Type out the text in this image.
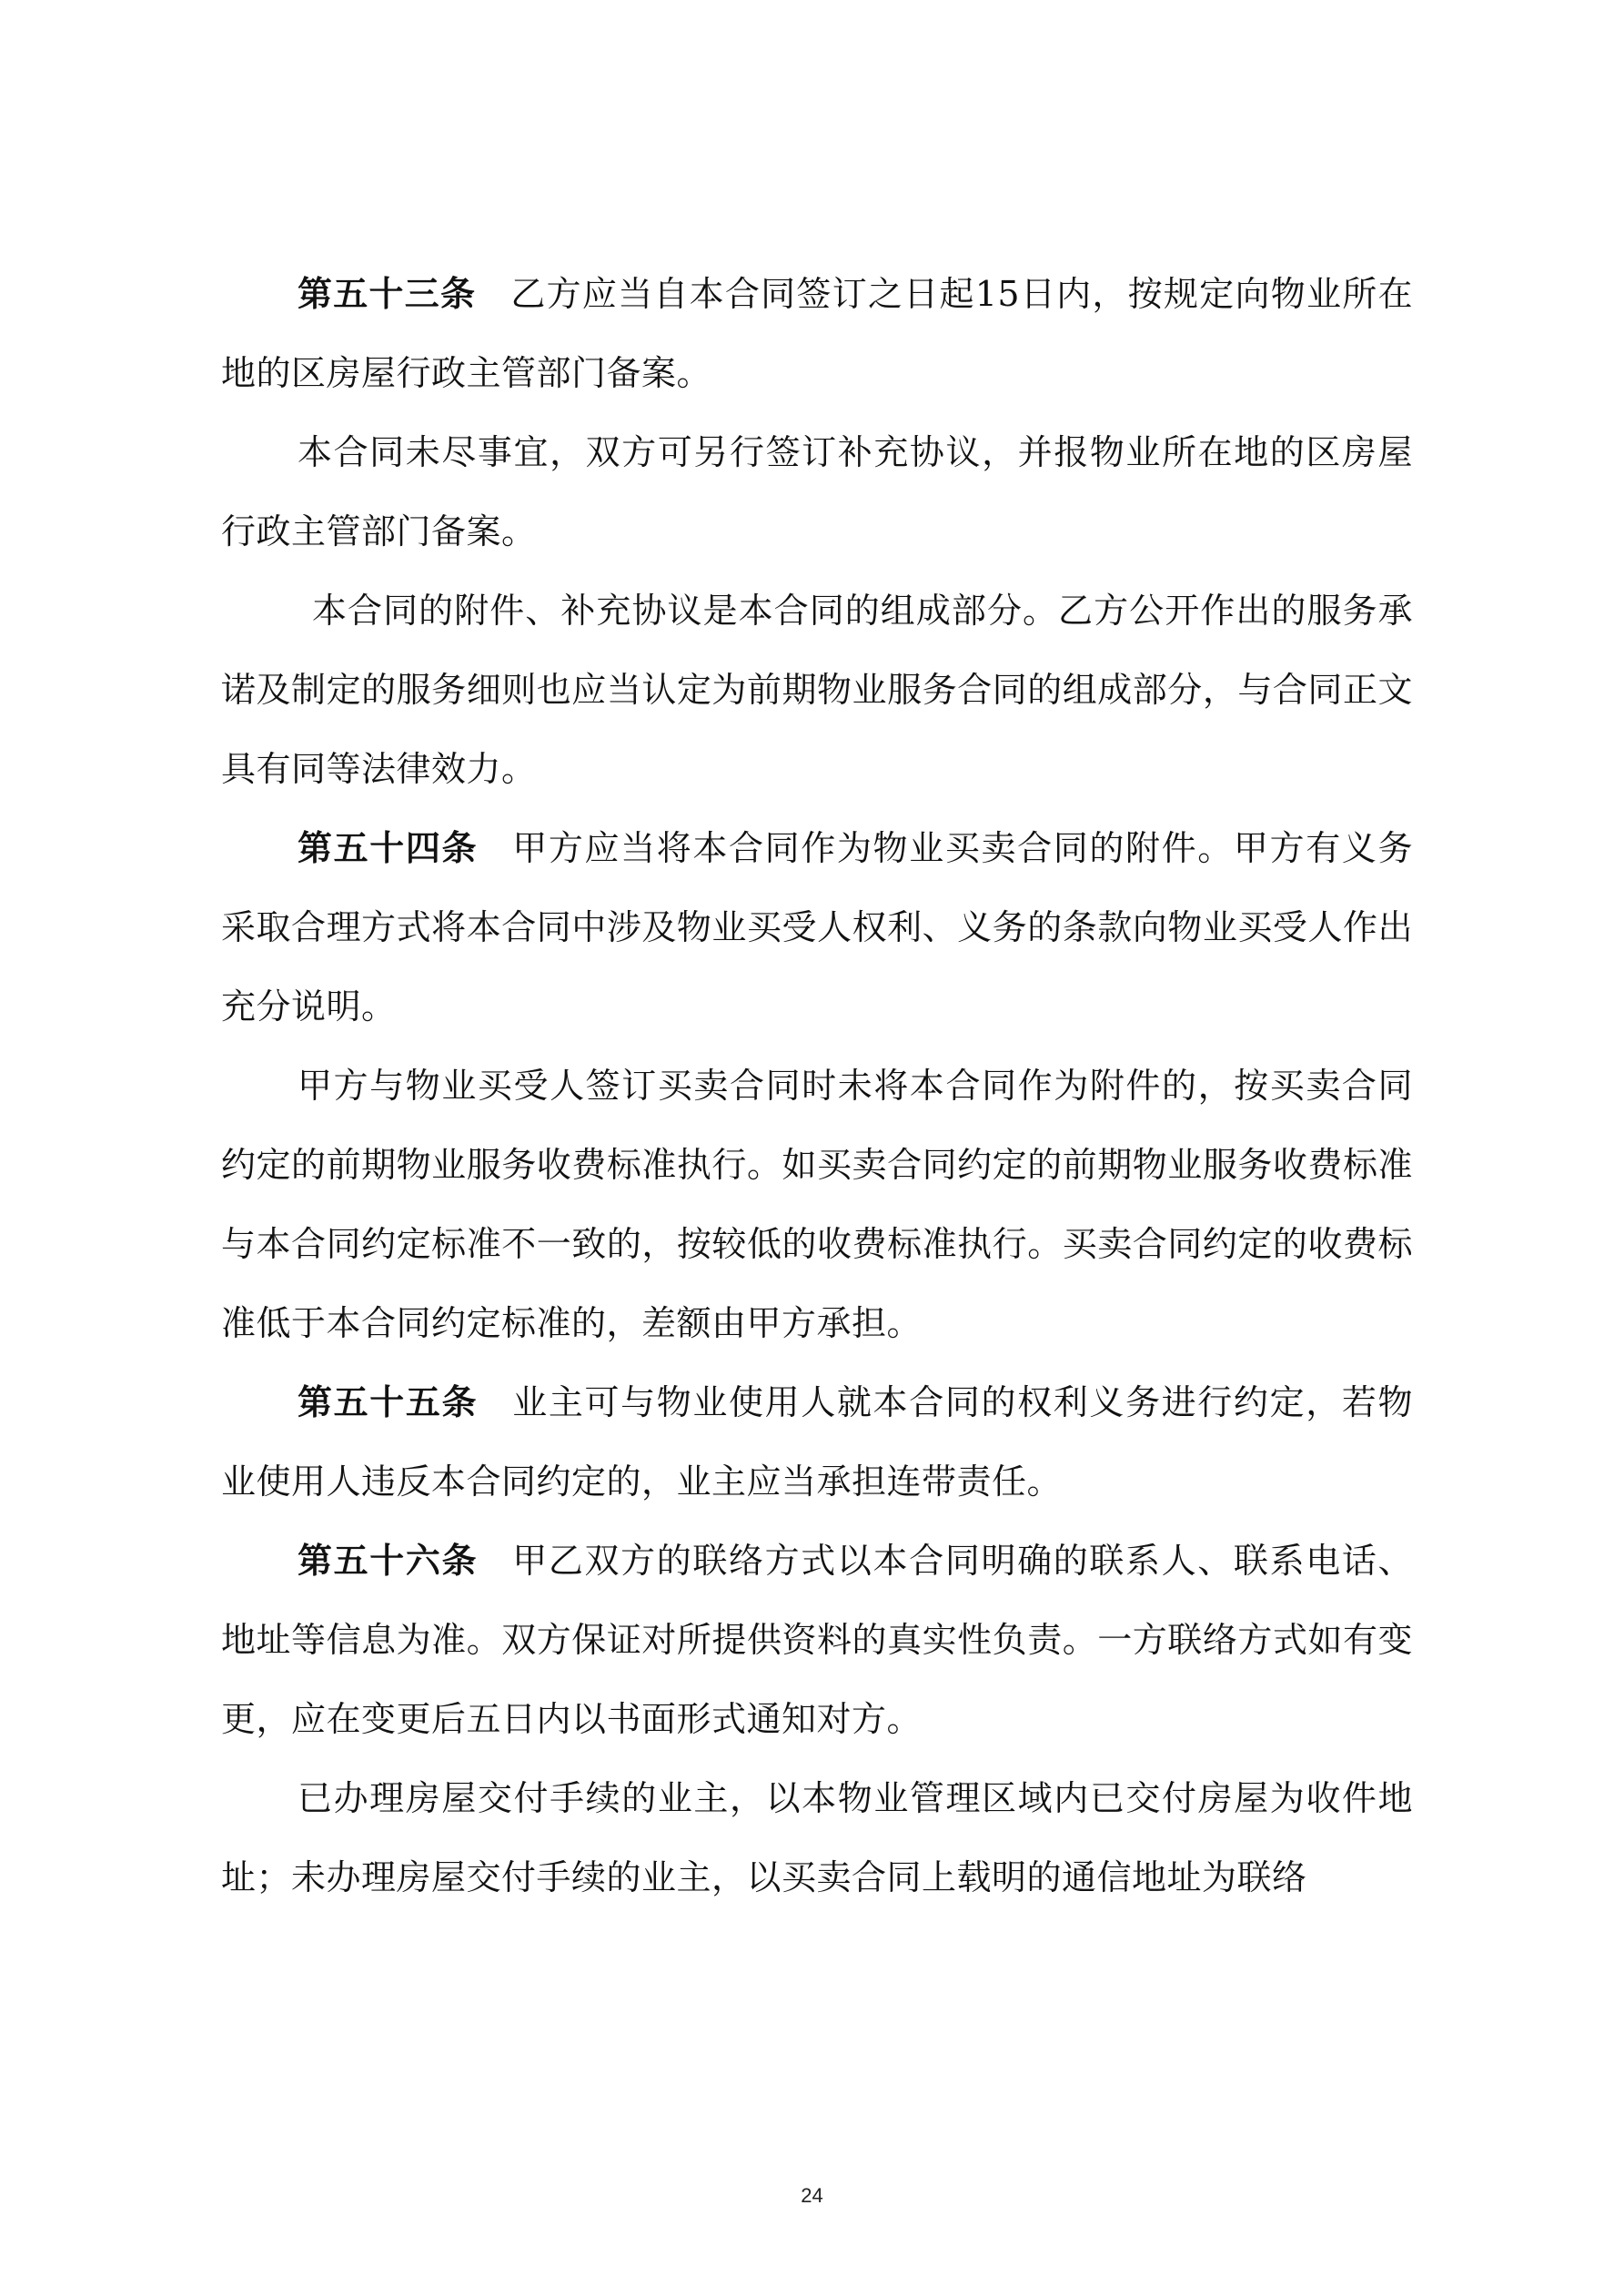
第五十三条 乙方应当自本合同签订之日起15日内，按规定向物业所在地的区房屋行政主管部门备案。

本合同未尽事宜，双方可另行签订补充协议，并报物业所在地的区房屋行政主管部门备案。

本合同的附件、补充协议是本合同的组成部分。乙方公开作出的服务承诺及制定的服务细则也应当认定为前期物业服务合同的组成部分，与合同正文具有同等法律效力。

第五十四条 甲方应当将本合同作为物业买卖合同的附件。甲方有义务采取合理方式将本合同中涉及物业买受人权利、义务的条款向物业买受人作出充分说明。

甲方与物业买受人签订买卖合同时未将本合同作为附件的，按买卖合同约定的前期物业服务收费标准执行。如买卖合同约定的前期物业服务收费标准与本合同约定标准不一致的，按较低的收费标准执行。买卖合同约定的收费标准低于本合同约定标准的，差额由甲方承担。

第五十五条 业主可与物业使用人就本合同的权利义务进行约定，若物业使用人违反本合同约定的，业主应当承担连带责任。

第五十六条 甲乙双方的联络方式以本合同明确的联系人、联系电话、地址等信息为准。双方保证对所提供资料的真实性负责。一方联络方式如有变更，应在变更后五日内以书面形式通知对方。

已办理房屋交付手续的业主，以本物业管理区域内已交付房屋为收件地址；未办理房屋交付手续的业主，以买卖合同上载明的通信地址为联络

24
